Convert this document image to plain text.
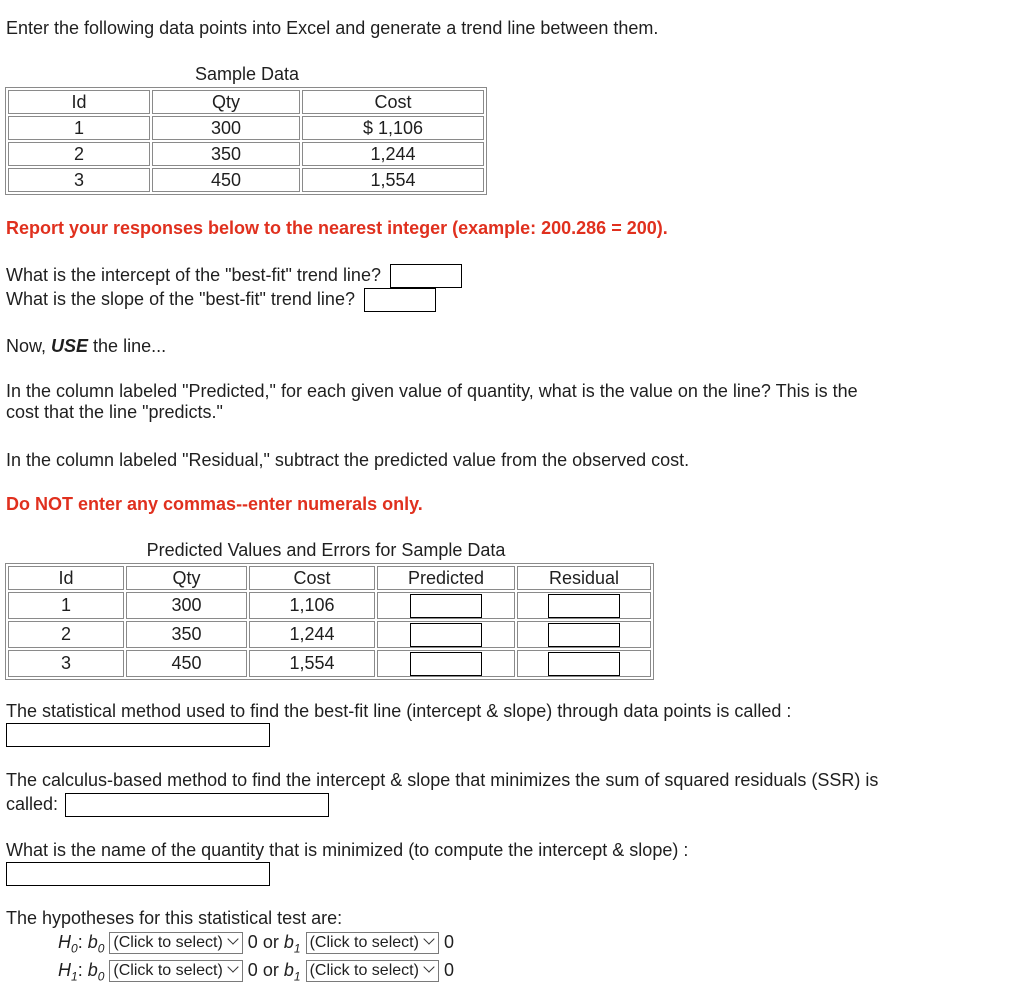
Enter the following data points into Excel and generate a trend line between them.
Sample Data
Id	Qty	Cost
1	300	$ 1,106
2	350	1,244
3	450	1,554
Report your responses below to the nearest integer (example: 200.286 = 200).
What is the intercept of the "best-fit" trend line?
What is the slope of the "best-fit" trend line?
Now, USE the line...
In the column labeled "Predicted," for each given value of quantity, what is the value on the line? This is the
cost that the line "predicts."
In the column labeled "Residual," subtract the predicted value from the observed cost.
Do NOT enter any commas--enter numerals only.
Predicted Values and Errors for Sample Data
Id	Qty	Cost	Predicted	Residual
1	300	1,106		
2	350	1,244		
3	450	1,554		
The statistical method used to find the best-fit line (intercept & slope) through data points is called :
The calculus-based method to find the intercept & slope that minimizes the sum of squared residuals (SSR) is
called:
What is the name of the quantity that is minimized (to compute the intercept & slope) :
The hypotheses for this statistical test are:
$H_0$: $b_0$ (Click to select) 0 or $b_1$ (Click to select) 0
$H_1$: $b_0$ (Click to select) 0 or $b_1$ (Click to select) 0
